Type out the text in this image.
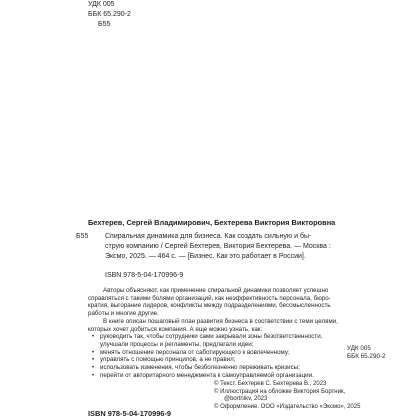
УДК 005
ББК 65.290-2
Б55
Бехтерев, Сергей Владимирович, Бехтерева Виктория Викторовна
Б55 Спиральная динамика для бизнеса. Как создать сильную и бы-
струю компанию / Сергей Бехтерев, Виктория Бехтерева. — Москва :
Эксмо, 2025. — 464 с. — [Бизнес. Как это работает в России].
ISBN 978-5-04-170996-9
Авторы объясняют, как применение спиральной динамики позволяет успешно
справляться с такими болями организаций, как неэффективность персонала, бюро-
кратия, выгорание лидеров, конфликты между подразделениями, бессмысленность
работы и многие другие.
В книге описан пошаговый план развития бизнеса в соответствии с теми целями,
которых хочет добиться компания. А еще можно узнать, как:
• руководить так, чтобы сотрудники сами закрывали зоны безответственности,
улучшали процессы и регламенты, предлагали идеи;
• менять отношение персонала от саботирующего к вовлеченному;
• управлять с помощью принципов, а не правил;
• использовать изменения, чтобы безболезненно переживать кризисы;
• перейти от авторитарного менеджмента к самоуправляемой организации.
УДК 005
ББК 65.290-2
© Текст. Бехтерев С. Бехтерева В., 2023
© Иллюстрация на обложке Виктория Бортник,
@bortnikv, 2023
© Оформление. ООО «Издательство «Эксмо», 2025
ISBN 978-5-04-170996-9
